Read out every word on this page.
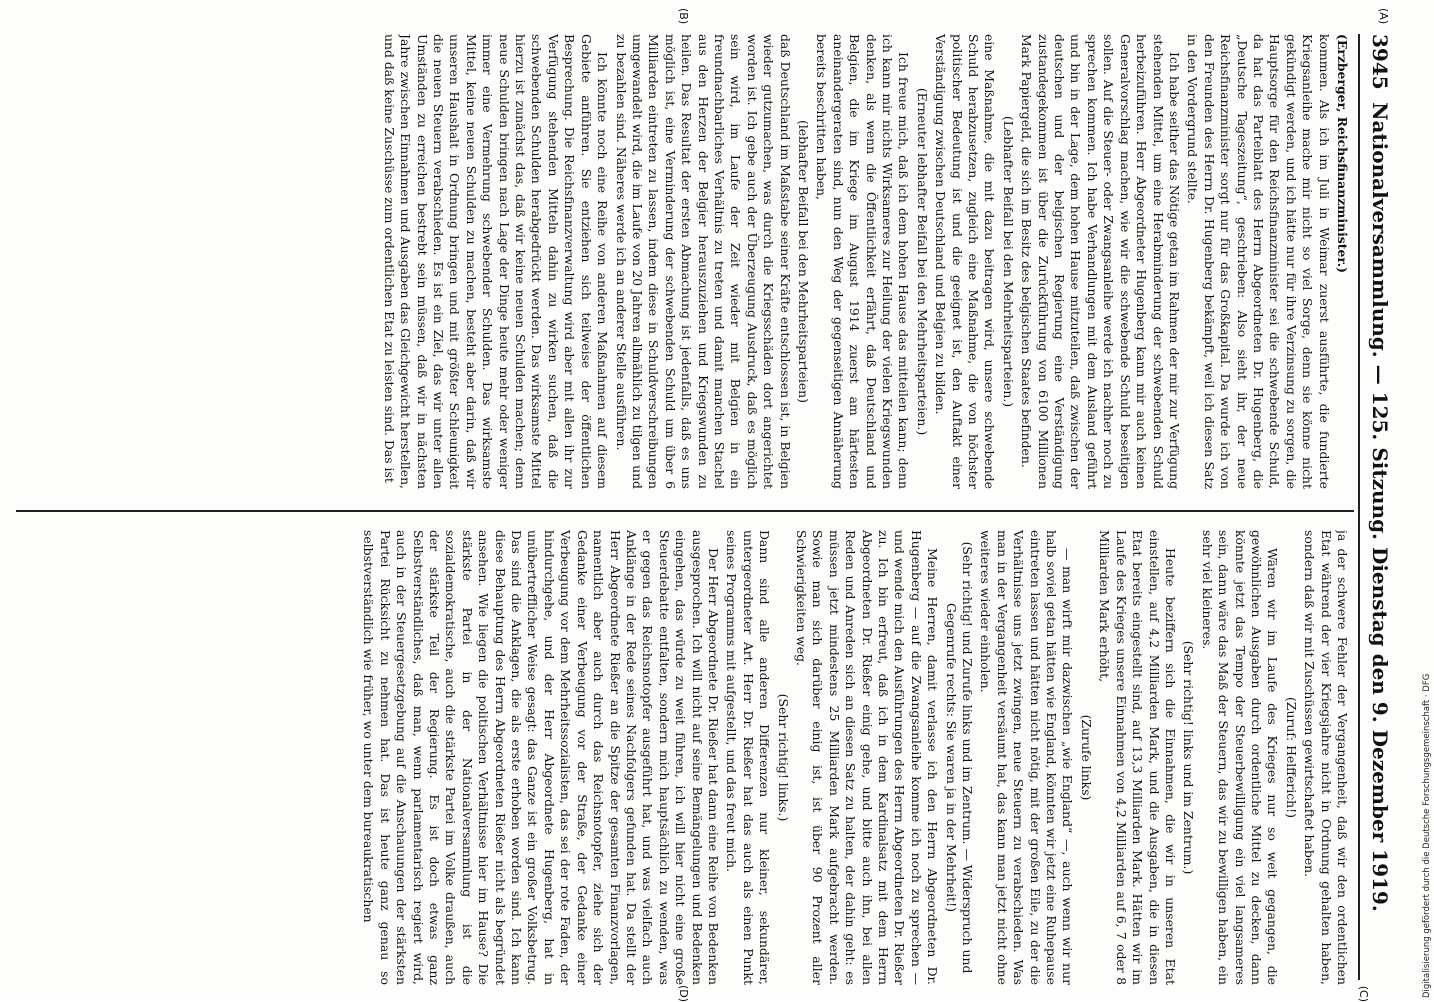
3945
Nationalversammlung. — 125. Sitzung. Dienstag den 9. Dezember 1919.
(A)
(B)
(C)
(D)

(Erzberger, Reichsfinanzminister.)

kommen. Als ich im Juli in Weimar zuerst ausführte, die fundierte Kriegsanleihe mache mir nicht so viel Sorge, denn sie könne nicht gekündigt werden, und ich hätte nur für ihre Verzinsung zu sorgen, die Hauptsorge für den Reichsfinanzminister sei die schwebende Schuld, da hat das Parteiblatt des Herrn Abgeordneten Dr. Hugenberg, die „Deutsche Tageszeitung“, geschrieben: Also sieht ihr, der neue Reichsfinanzminister sorgt nur für das Großkapital. Da wurde ich von den Freunden des Herrn Dr. Hugenberg bekämpft, weil ich diesen Satz in den Vordergrund stellte.

Ich habe seither das Nötige getan im Rahmen der mir zur Verfügung stehenden Mittel, um eine Herabminderung der schwebenden Schuld herbeizuführen. Herr Abgeordneter Hugenberg kann mir auch keinen Generalvorschlag machen, wie wir die schwebende Schuld beseitigen sollen. Auf die Steuer- oder Zwangsanleihe werde ich nachher noch zu sprechen kommen. Ich habe Verhandlungen mit dem Ausland geführt und bin in der Lage, dem hohen Hause mitzuteilen, daß zwischen der deutschen und der belgischen Regierung eine Verständigung zustandegekommen ist über die Zurückführung von 6100 Millionen Mark Papiergeld, die sich im Besitz des belgischen Staates befinden.

(Lebhafter Beifall bei den Mehrheitsparteien.)

eine Maßnahme, die mit dazu beitragen wird, unsere schwebende Schuld herabzusetzen, zugleich eine Maßnahme, die von höchster politischer Bedeutung ist und die geeignet ist, den Auftakt einer Verständigung zwischen Deutschland und Belgien zu bilden.

(Erneuter lebhafter Beifall bei den Mehrheitsparteien.)

Ich freue mich, daß ich dem hohen Hause das mitteilen kann; denn ich kann mir nichts Wirksameres zur Heilung der vielen Kriegswunden denken, als wenn die Öffentlichkeit erfährt, daß Deutschland und Belgien, die im Kriege im August 1914 zuerst am härtesten aneinandergeraten sind, nun den Weg der gegenseitigen Annäherung bereits beschritten haben,

(lebhafter Beifall bei den Mehrheitsparteien)

daß Deutschland im Maßstabe seiner Kräfte entschlossen ist, in Belgien wieder gutzumachen, was durch die Kriegsschäden dort angerichtet worden ist. Ich gebe auch der Überzeugung Ausdruck, daß es möglich sein wird, im Laufe der Zeit wieder mit Belgien in ein freundnachbarliches Verhältnis zu treten und damit manchen Stachel aus den Herzen der Belgier herauszuziehen und Kriegswunden zu heilen. Das Resultat der ersten Abmachung ist jedenfalls, daß es uns möglich ist, eine Verminderung der schwebenden Schuld um über 6 Milliarden eintreten zu lassen, indem diese in Schuldverschreibungen umgewandelt wird, die im Laufe von 20 Jahren allmählich zu tilgen und zu bezahlen sind. Näheres werde ich an anderer Stelle ausführen.

Ich könnte noch eine Reihe von anderen Maßnahmen auf diesem Gebiete anführen. Sie entziehen sich teilweise der öffentlichen Besprechung. Die Reichsfinanzverwaltung wird aber mit allen ihr zur Verfügung stehenden Mitteln dahin zu wirken suchen, daß die schwebenden Schulden herabgedrückt werden. Das wirksamste Mittel hierzu ist zunächst das, daß wir keine neuen Schulden machen; denn neue Schulden bringen nach Lage der Dinge heute mehr oder weniger immer eine Vermehrung schwebender Schulden. Das wirksamste Mittel, keine neuen Schulden zu machen, besteht aber darin, daß wir unseren Haushalt in Ordnung bringen und mit größter Schleunigkeit die neuen Steuern verabschieden. Es ist ein Ziel, das wir unter allen Umständen zu erreichen bestrebt sein müssen, daß wir in nächsten Jahre zwischen Einnahmen und Ausgaben das Gleichgewicht herstellen, und daß keine Zuschüsse zum ordentlichen Etat zu leisten sind. Das ist

ja der schwere Fehler der Vergangenheit, daß wir den ordentlichen Etat während der vier Kriegsjahre nicht in Ordnung gehalten haben, sondern daß wir mit Zuschüssen gewirtschaftet haben.

(Zuruf: Helfferich!)

Wären wir im Laufe des Krieges nur so weit gegangen, die gewöhnlichen Ausgaben durch ordentliche Mittel zu decken, dann könnte jetzt das Tempo der Steuerbewilligung ein viel langsameres sein, dann wäre das Maß der Steuern, das wir zu bewilligen haben, ein sehr viel kleineres.

(Sehr richtig! links und im Zentrum.)

Heute beziffern sich die Einnahmen, die wir in unseren Etat einstellen, auf 4,2 Milliarden Mark, und die Ausgaben, die in diesen Etat bereits eingestellt sind, auf 13,3 Milliarden Mark. Hätten wir im Laufe des Krieges unsere Einnahmen von 4,2 Milliarden auf 6, 7 oder 8 Milliarden Mark erhöht,

(Zurufe links)

— man wirft mir dazwischen „wie England“ —, auch wenn wir nur halb soviel getan hätten wie England, könnten wir jetzt eine Ruhepause eintreten lassen und hätten nicht nötig, mit der großen Eile, zu der die Verhältnisse uns jetzt zwingen, neue Steuern zu verabschieden. Was man in der Vergangenheit versäumt hat, das kann man jetzt nicht ohne weiteres wieder einholen.

(Sehr richtig! und Zurufe links und im Zentrum. — Widerspruch und Gegenrufe rechts: Sie waren ja in der Mehrheit!)

Meine Herren, damit verlasse ich den Herrn Abgeordneten Dr. Hugenberg — auf die Zwangsanleihe komme ich noch zu sprechen — und wende mich den Ausführungen des Herrn Abgeordneten Dr. Rießer zu. Ich bin erfreut, daß ich in dem Kardinalsatz mit dem Herrn Abgeordneten Dr. Rießer einig gehe, und bitte auch ihn, bei allen Reden und Anreden sich an diesen Satz zu halten, der dahin geht: es müssen jetzt mindestens 25 Milliarden Mark aufgebracht werden. Sowie man sich darüber einig ist, ist über 90 Prozent aller Schwierigkeiten weg.

(Sehr richtig! links.)

Dann sind alle anderen Differenzen nur kleiner, sekundärer, untergeordneter Art. Herr Dr. Rießer hat das auch als einen Punkt seines Programms mit aufgestellt, und das freut mich.

Der Herr Abgeordnete Dr. Rießer hat dann eine Reihe von Bedenken ausgesprochen. Ich will nicht auf seine Bemängelungen und Bedenken eingehen, das würde zu weit führen, ich will hier nicht eine große Steuerdebatte entfalten, sondern mich hauptsächlich zu wenden, was er gegen das Reichsnotopfer ausgeführt hat, und was vielfach auch Anklänge in der Rede seines Nachfolgers gefunden hat. Da stellt der Herr Abgeordnete Rießer an die Spitze der gesamten Finanzvorlagen, namentlich aber auch durch das Reichsnotopfer, ziehe sich der Gedanke einer Verbeugung vor der Straße, der Gedanke einer Verbeugung vor dem Mehrheitssozialisten, das sei der rote Faden, der hindurchgehe, und der Herr Abgeordnete Hugenberg, hat in unübertrefflicher Weise gesagt: das Ganze ist ein großer Volksbetrug. Das sind die Anklagen, die als erste erhoben worden sind. Ich kann diese Behauptung des Herrn Abgeordneten Rießer nicht als begründet ansehen. Wie liegen die politischen Verhältnisse hier im Hause? Die stärkste Partei in der Nationalversammlung ist die sozialdemokratische, auch die stärkste Partei im Volke draußen, auch der stärkste Teil der Regierung. Es ist doch etwas ganz Selbstverständliches, daß man, wenn parlamentarisch regiert wird, auch in der Steuergesetzgebung auf die Anschauungen der stärksten Partei Rücksicht zu nehmen hat. Das ist heute ganz genau so selbstverständlich wie früher, wo unter dem bureaukratischen	Digitalisierung gefördert durch die Deutsche Forschungsgemeinschaft · DFG
